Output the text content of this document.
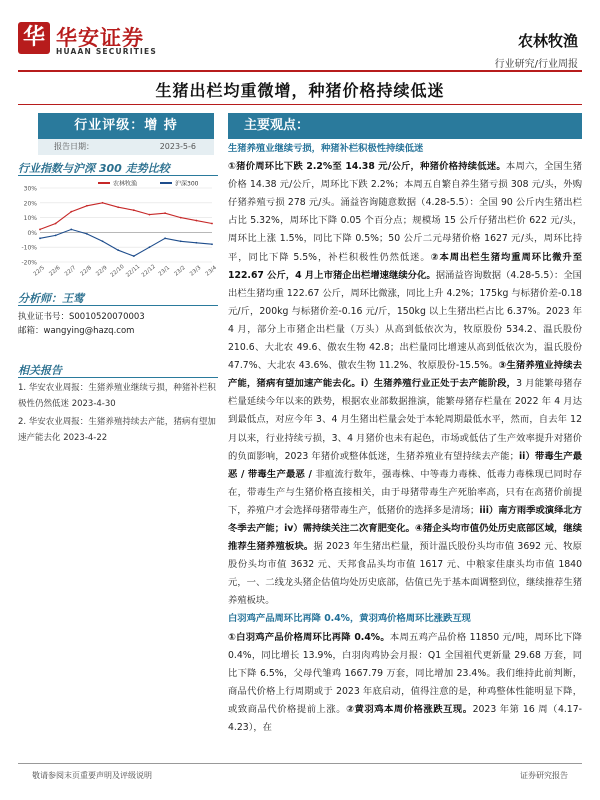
华 华安证券
HUAAN SECURITIES
农林牧渔
行业研究/行业周报
生猪出栏均重微增，种猪价格持续低迷
行业评级：增 持
报告日期：	2023-5-6
行业指数与沪深 300 走势比较
-20%
-10%
0%
10%
20%
30%
22/5 22/6 22/7 22/8 22/9 22/10 22/11 22/12 23/1 23/2 23/3 23/4
农林牧渔	沪深300
分析师：王莺
执业证书号：S0010520070003
邮箱：wangying@hazq.com
相关报告
1. 华安农业周报：生猪养殖业继续亏损，种猪补栏积极性仍然低迷 2023-4-30
2. 华安农业周报：生猪养殖持续去产能，猪病有望加速产能去化 2023-4-22
主要观点：

生猪养殖业继续亏损，种猪补栏积极性持续低迷

①猪价周环比下跌 2.2%至 14.38 元/公斤，种猪价格持续低迷。本周六，全国生猪价格 14.38 元/公斤，周环比下跌 2.2%；本周五自繁自养生猪亏损 308 元/头，外购仔猪养殖亏损 278 元/头。涌益咨询随意数据（4.28-5.5）：全国 90 公斤内生猪出栏占比 5.32%，周环比下降 0.05 个百分点；规模场 15 公斤仔猪出栏价 622 元/头，周环比上涨 1.5%，同比下降 0.5%；50 公斤二元母猪价格 1627 元/头，周环比持平，同比下降 5.5%，补栏积极性仍然低迷。②本周出栏生猪均重周环比微升至 122.67 公斤，4 月上市猪企出栏增速继续分化。据涌益咨询数据（4.28-5.5）：全国出栏生猪均重 122.67 公斤，周环比微涨，同比上升 4.2%；175kg 与标猪价差-0.18 元/斤，200kg 与标猪价差-0.16 元/斤，150kg 以上生猪出栏占比 6.37%。2023 年 4 月，部分上市猪企出栏量（万头）从高到低依次为，牧原股份 534.2、温氏股份 210.6、大北农 49.6、傲农生物 42.8；出栏量同比增速从高到低依次为，温氏股份 47.7%、大北农 43.6%、傲农生物 11.2%、牧原股份-15.5%。③生猪养殖业持续去产能，猪病有望加速产能去化。i）生猪养殖行业正处于去产能阶段，3 月能繁母猪存栏量延续今年以来的跌势，根据农业部数据推演，能繁母猪存栏量在 2022 年 4 月达到最低点，对应今年 3、4 月生猪出栏量会处于本轮周期最低水平，然而，自去年 12 月以来，行业持续亏损，3、4 月猪价也未有起色，市场或低估了生产效率提升对猪价的负面影响，2023 年猪价或整体低迷，生猪养殖业有望持续去产能；ii）带毒生产最恶 / 带毒生产最恶 / 非瘟流行数年，强毒株、中等毒力毒株、低毒力毒株现已同时存在，带毒生产与生猪价格直接相关，由于母猪带毒生产死胎率高，只有在高猪价前提下，养殖户才会选择母猪带毒生产，低猪价的选择多是清场；iii）南方雨季或演绎北方冬季去产能；iv）需持续关注二次育肥变化。④猪企头均市值仍处历史底部区域，继续推荐生猪养殖板块。据 2023 年生猪出栏量，预计温氏股份头均市值 3692 元、牧原股份头均市值 3632 元、天邦食品头均市值 1617 元、中粮家佳康头均市值 1840 元，一、二线龙头猪企估值均处历史底部，估值已先于基本面调整到位，继续推荐生猪养殖板块。

白羽鸡产品周环比再降 0.4%，黄羽鸡价格周环比涨跌互现

①白羽鸡产品价格周环比再降 0.4%。本周五鸡产品价格 11850 元/吨，周环比下降 0.4%，同比增长 13.9%，白羽肉鸡协会月报：Q1 全国祖代更新量 29.68 万套，同比下降 6.5%，父母代雏鸡 1667.79 万套，同比增加 23.4%。我们维持此前判断，商品代价格上行周期或于 2023 年底启动，值得注意的是，种鸡整体性能明显下降，或致商品代价格提前上涨。②黄羽鸡本周价格涨跌互现。2023 年第 16 周（4.17-4.23），在

敬请参阅末页重要声明及评级说明	证券研究报告
